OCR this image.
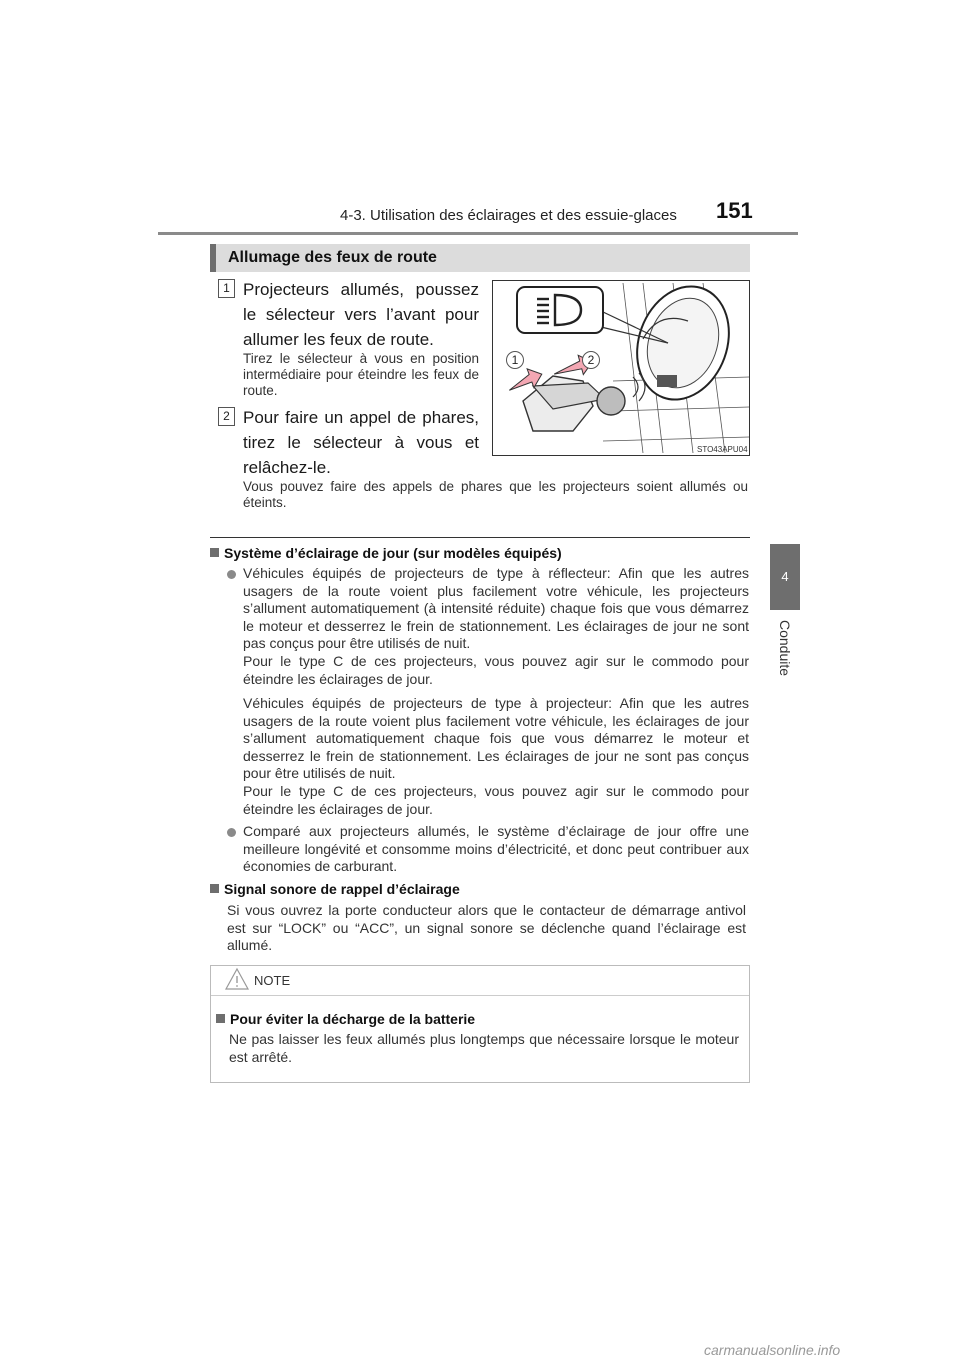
4-3. Utilisation des éclairages et des essuie-glaces 151
4
Conduite
Allumage des feux de route
1 Projecteurs allumés, poussez le sélecteur vers l’avant pour allumer les feux de route.
Tirez le sélecteur à vous en position intermédiaire pour éteindre les feux de route.
2 Pour faire un appel de phares, tirez le sélecteur à vous et relâchez-le.
Vous pouvez faire des appels de phares que les projecteurs soient allumés ou éteints.
1	2
STO43APU04
Système d’éclairage de jour (sur modèles équipés)
Véhicules équipés de projecteurs de type à réflecteur: Afin que les autres usagers de la route voient plus facilement votre véhicule, les projecteurs s’allument automatiquement (à intensité réduite) chaque fois que vous démarrez le moteur et desserrez le frein de stationnement. Les éclairages de jour ne sont pas conçus pour être utilisés de nuit.
Pour le type C de ces projecteurs, vous pouvez agir sur le commodo pour éteindre les éclairages de jour.
Véhicules équipés de projecteurs de type à projecteur: Afin que les autres usagers de la route voient plus facilement votre véhicule, les éclairages de jour s’allument automatiquement chaque fois que vous démarrez le moteur et desserrez le frein de stationnement. Les éclairages de jour ne sont pas conçus pour être utilisés de nuit.
Pour le type C de ces projecteurs, vous pouvez agir sur le commodo pour éteindre les éclairages de jour.
Comparé aux projecteurs allumés, le système d’éclairage de jour offre une meilleure longévité et consomme moins d’électricité, et donc peut contribuer aux économies de carburant.
Signal sonore de rappel d’éclairage
Si vous ouvrez la porte conducteur alors que le contacteur de démarrage antivol est sur “LOCK” ou “ACC”, un signal sonore se déclenche quand l’éclairage est allumé.
NOTE
Pour éviter la décharge de la batterie
Ne pas laisser les feux allumés plus longtemps que nécessaire lorsque le moteur est arrêté.
carmanualsonline.info
